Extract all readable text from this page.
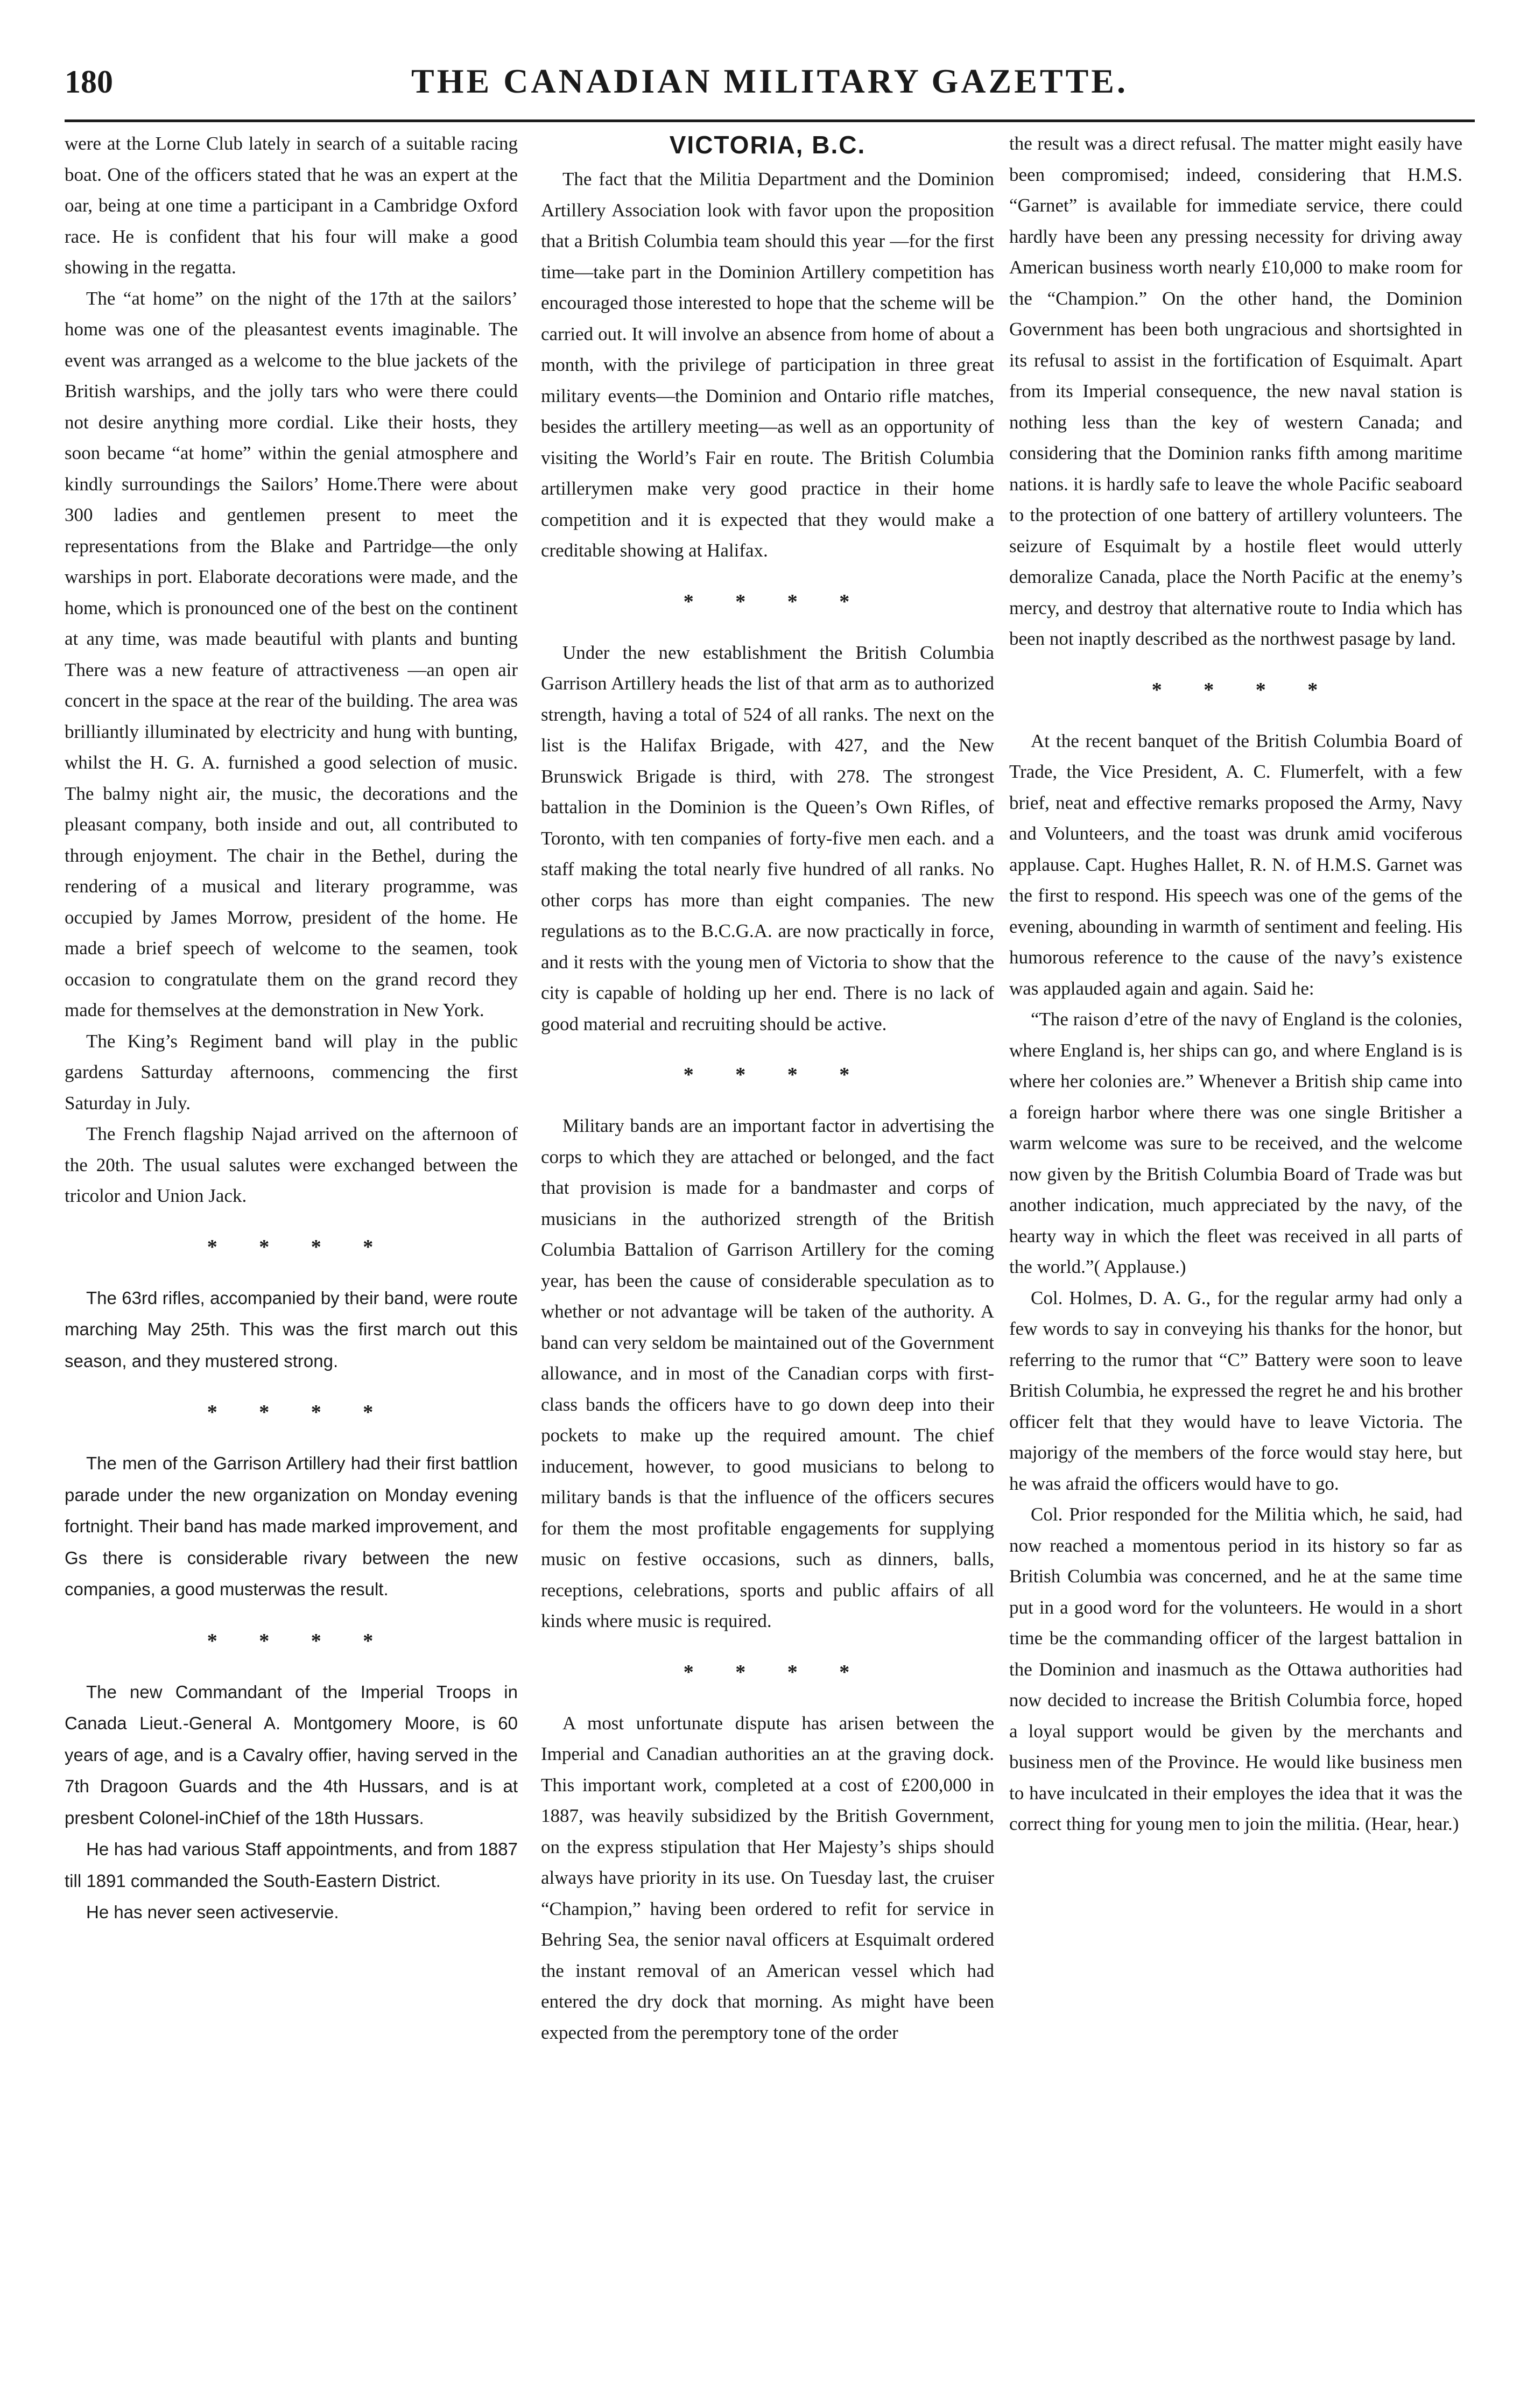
180	THE CANADIAN MILITARY GAZETTE.

were at the Lorne Club lately in search of a suitable racing boat. One of the officers stated that he was an expert at the oar, being at one time a participant in a Cambridge Oxford race. He is confident that his four will make a good showing in the regatta.

The “at home” on the night of the 17th at the sailors’ home was one of the pleasantest events imaginable. The event was arranged as a welcome to the blue jackets of the British warships, and the jolly tars who were there could not desire anything more cordial. Like their hosts, they soon became “at home” within the genial atmosphere and kindly surroundings the Sailors’ Home.There were about 300 ladies and gentlemen present to meet the representations from the Blake and Partridge—the only warships in port. Elaborate decorations were made, and the home, which is pronounced one of the best on the continent at any time, was made beautiful with plants and bunting There was a new feature of attractiveness —an open air concert in the space at the rear of the building. The area was brilliantly illuminated by electricity and hung with bunting, whilst the H. G. A. furnished a good selection of music. The balmy night air, the music, the decorations and the pleasant company, both inside and out, all contributed to through enjoyment. The chair in the Bethel, during the rendering of a musical and literary programme, was occupied by James Morrow, president of the home. He made a brief speech of welcome to the seamen, took occasion to congratulate them on the grand record they made for themselves at the demonstration in New York.

The King’s Regiment band will play in the public gardens Satturday afternoons, commencing the first Saturday in July.

The French flagship Najad arrived on the afternoon of the 20th. The usual salutes were exchanged between the tricolor and Union Jack.

* * * *

The 63rd rifles, accompanied by their band, were route marching May 25th. This was the first march out this season, and they mustered strong.

* * * *

The men of the Garrison Artillery had their first battlion parade under the new organization on Monday evening fortnight. Their band has made marked improvement, and Gs there is considerable rivary between the new companies, a good musterwas the result.

* * * *

The new Commandant of the Imperial Troops in Canada Lieut.-General A. Montgomery Moore, is 60 years of age, and is a Cavalry offier, having served in the 7th Dragoon Guards and the 4th Hussars, and is at presbent Colonel-inChief of the 18th Hussars.

He has had various Staff appointments, and from 1887 till 1891 commanded the South-Eastern District.

He has never seen activeservie.

VICTORIA, B.C.

The fact that the Militia Department and the Dominion Artillery Association look with favor upon the proposition that a British Columbia team should this year —for the first time—take part in the Dominion Artillery competition has encouraged those interested to hope that the scheme will be carried out. It will involve an absence from home of about a month, with the privilege of participation in three great military events—the Dominion and Ontario rifle matches, besides the artillery meeting—as well as an opportunity of visiting the World’s Fair en route. The British Columbia artillerymen make very good practice in their home competition and it is expected that they would make a creditable showing at Halifax.

* * * *

Under the new establishment the British Columbia Garrison Artillery heads the list of that arm as to authorized strength, having a total of 524 of all ranks. The next on the list is the Halifax Brigade, with 427, and the New Brunswick Brigade is third, with 278. The strongest battalion in the Dominion is the Queen’s Own Rifles, of Toronto, with ten companies of forty-five men each. and a staff making the total nearly five hundred of all ranks. No other corps has more than eight companies. The new regulations as to the B.C.G.A. are now practically in force, and it rests with the young men of Victoria to show that the city is capable of holding up her end. There is no lack of good material and recruiting should be active.

* * * *

Military bands are an important factor in advertising the corps to which they are attached or belonged, and the fact that provision is made for a bandmaster and corps of musicians in the authorized strength of the British Columbia Battalion of Garrison Artillery for the coming year, has been the cause of considerable speculation as to whether or not advantage will be taken of the authority. A band can very seldom be maintained out of the Government allowance, and in most of the Canadian corps with first-class bands the officers have to go down deep into their pockets to make up the required amount. The chief inducement, however, to good musicians to belong to military bands is that the influence of the officers secures for them the most profitable engagements for supplying music on festive occasions, such as dinners, balls, receptions, celebrations, sports and public affairs of all kinds where music is required.

* * * *

A most unfortunate dispute has arisen between the Imperial and Canadian authorities an at the graving dock. This important work, completed at a cost of £200,000 in 1887, was heavily subsidized by the British Government, on the express stipulation that Her Majesty’s ships should always have priority in its use. On Tuesday last, the cruiser “Champion,” having been ordered to refit for service in Behring Sea, the senior naval officers at Esquimalt ordered the instant removal of an American vessel which had entered the dry dock that morning. As might have been expected from the peremptory tone of the order

the result was a direct refusal. The matter might easily have been compromised; indeed, considering that H.M.S. “Garnet” is available for immediate service, there could hardly have been any pressing necessity for driving away American business worth nearly £10,000 to make room for the “Champion.” On the other hand, the Dominion Government has been both ungracious and shortsighted in its refusal to assist in the fortification of Esquimalt. Apart from its Imperial consequence, the new naval station is nothing less than the key of western Canada; and considering that the Dominion ranks fifth among maritime nations. it is hardly safe to leave the whole Pacific seaboard to the protection of one battery of artillery volunteers. The seizure of Esquimalt by a hostile fleet would utterly demoralize Canada, place the North Pacific at the enemy’s mercy, and destroy that alternative route to India which has been not inaptly described as the northwest pasage by land.

* * * *

At the recent banquet of the British Columbia Board of Trade, the Vice President, A. C. Flumerfelt, with a few brief, neat and effective remarks proposed the Army, Navy and Volunteers, and the toast was drunk amid vociferous applause. Capt. Hughes Hallet, R. N. of H.M.S. Garnet was the first to respond. His speech was one of the gems of the evening, abounding in warmth of sentiment and feeling. His humorous reference to the cause of the navy’s existence was applauded again and again. Said he:

“The raison d’etre of the navy of England is the colonies, where England is, her ships can go, and where England is is where her colonies are.” Whenever a British ship came into a foreign harbor where there was one single Britisher a warm welcome was sure to be received, and the welcome now given by the British Columbia Board of Trade was but another indication, much appreciated by the navy, of the hearty way in which the fleet was received in all parts of the world.”( Applause.)

Col. Holmes, D. A. G., for the regular army had only a few words to say in conveying his thanks for the honor, but referring to the rumor that “C” Battery were soon to leave British Columbia, he expressed the regret he and his brother officer felt that they would have to leave Victoria. The majorigy of the members of the force would stay here, but he was afraid the officers would have to go.

Col. Prior responded for the Militia which, he said, had now reached a momentous period in its history so far as British Columbia was concerned, and he at the same time put in a good word for the volunteers. He would in a short time be the commanding officer of the largest battalion in the Dominion and inasmuch as the Ottawa authorities had now decided to increase the British Columbia force, hoped a loyal support would be given by the merchants and business men of the Province. He would like business men to have inculcated in their employes the idea that it was the correct thing for young men to join the militia. (Hear, hear.)
